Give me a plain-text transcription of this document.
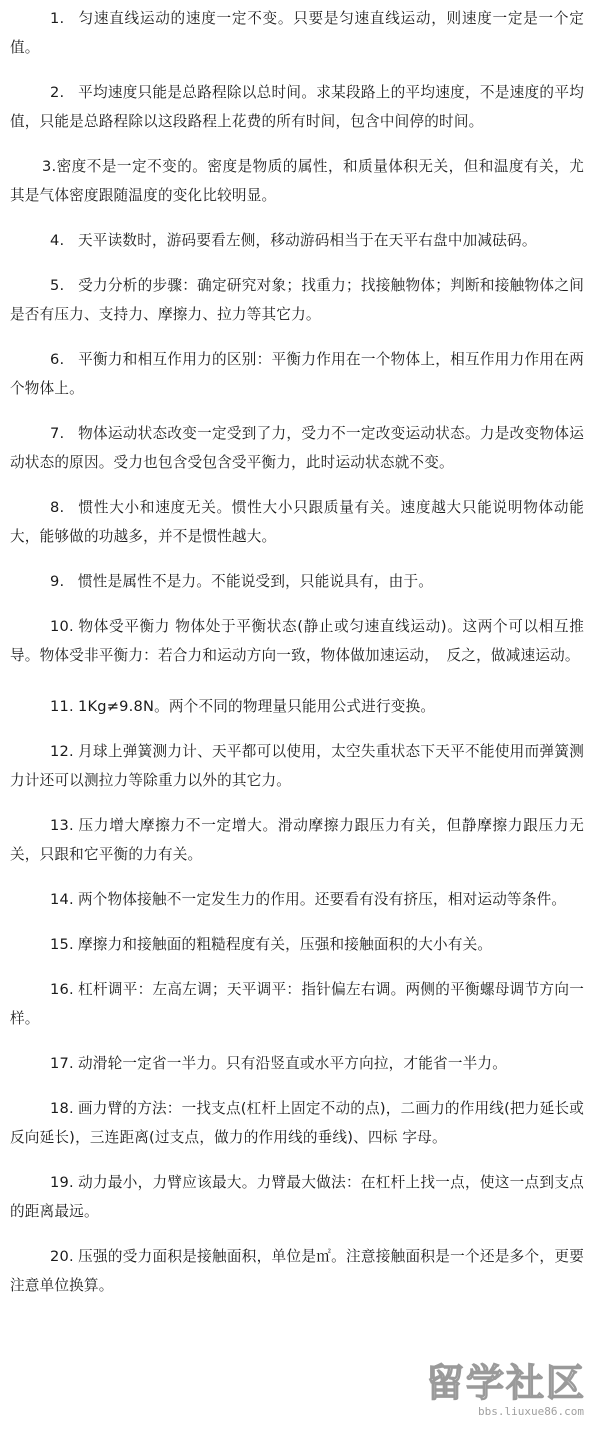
1. 匀速直线运动的速度一定不变。只要是匀速直线运动，则速度一定是一个定值。

2. 平均速度只能是总路程除以总时间。求某段路上的平均速度，不是速度的平均值，只能是总路程除以这段路程上花费的所有时间，包含中间停的时间。

3.密度不是一定不变的。密度是物质的属性，和质量体积无关，但和温度有关，尤其是气体密度跟随温度的变化比较明显。

4. 天平读数时，游码要看左侧，移动游码相当于在天平右盘中加减砝码。

5. 受力分析的步骤：确定研究对象；找重力；找接触物体；判断和接触物体之间是否有压力、支持力、摩擦力、拉力等其它力。

6. 平衡力和相互作用力的区别：平衡力作用在一个物体上，相互作用力作用在两个物体上。

7. 物体运动状态改变一定受到了力，受力不一定改变运动状态。力是改变物体运动状态的原因。受力也包含受包含受平衡力，此时运动状态就不变。

8. 惯性大小和速度无关。惯性大小只跟质量有关。速度越大只能说明物体动能大，能够做的功越多，并不是惯性越大。

9. 惯性是属性不是力。不能说受到，只能说具有，由于。

10. 物体受平衡力 物体处于平衡状态(静止或匀速直线运动)。这两个可以相互推导。物体受非平衡力：若合力和运动方向一致，物体做加速运动，　反之，做减速运动。

11. 1Kg≠9.8N。两个不同的物理量只能用公式进行变换。

12. 月球上弹簧测力计、天平都可以使用，太空失重状态下天平不能使用而弹簧测力计还可以测拉力等除重力以外的其它力。

13. 压力增大摩擦力不一定增大。滑动摩擦力跟压力有关，但静摩擦力跟压力无关，只跟和它平衡的力有关。

14. 两个物体接触不一定发生力的作用。还要看有没有挤压，相对运动等条件。

15. 摩擦力和接触面的粗糙程度有关，压强和接触面积的大小有关。

16. 杠杆调平：左高左调；天平调平：指针偏左右调。两侧的平衡螺母调节方向一样。

17. 动滑轮一定省一半力。只有沿竖直或水平方向拉，才能省一半力。

18. 画力臂的方法：一找支点(杠杆上固定不动的点)，二画力的作用线(把力延长或反向延长)，三连距离(过支点，做力的作用线的垂线)、四标 字母。

19. 动力最小，力臂应该最大。力臂最大做法：在杠杆上找一点，使这一点到支点的距离最远。

20. 压强的受力面积是接触面积，单位是㎡。注意接触面积是一个还是多个，更要注意单位换算。

留学社区
bbs.liuxue86.com
